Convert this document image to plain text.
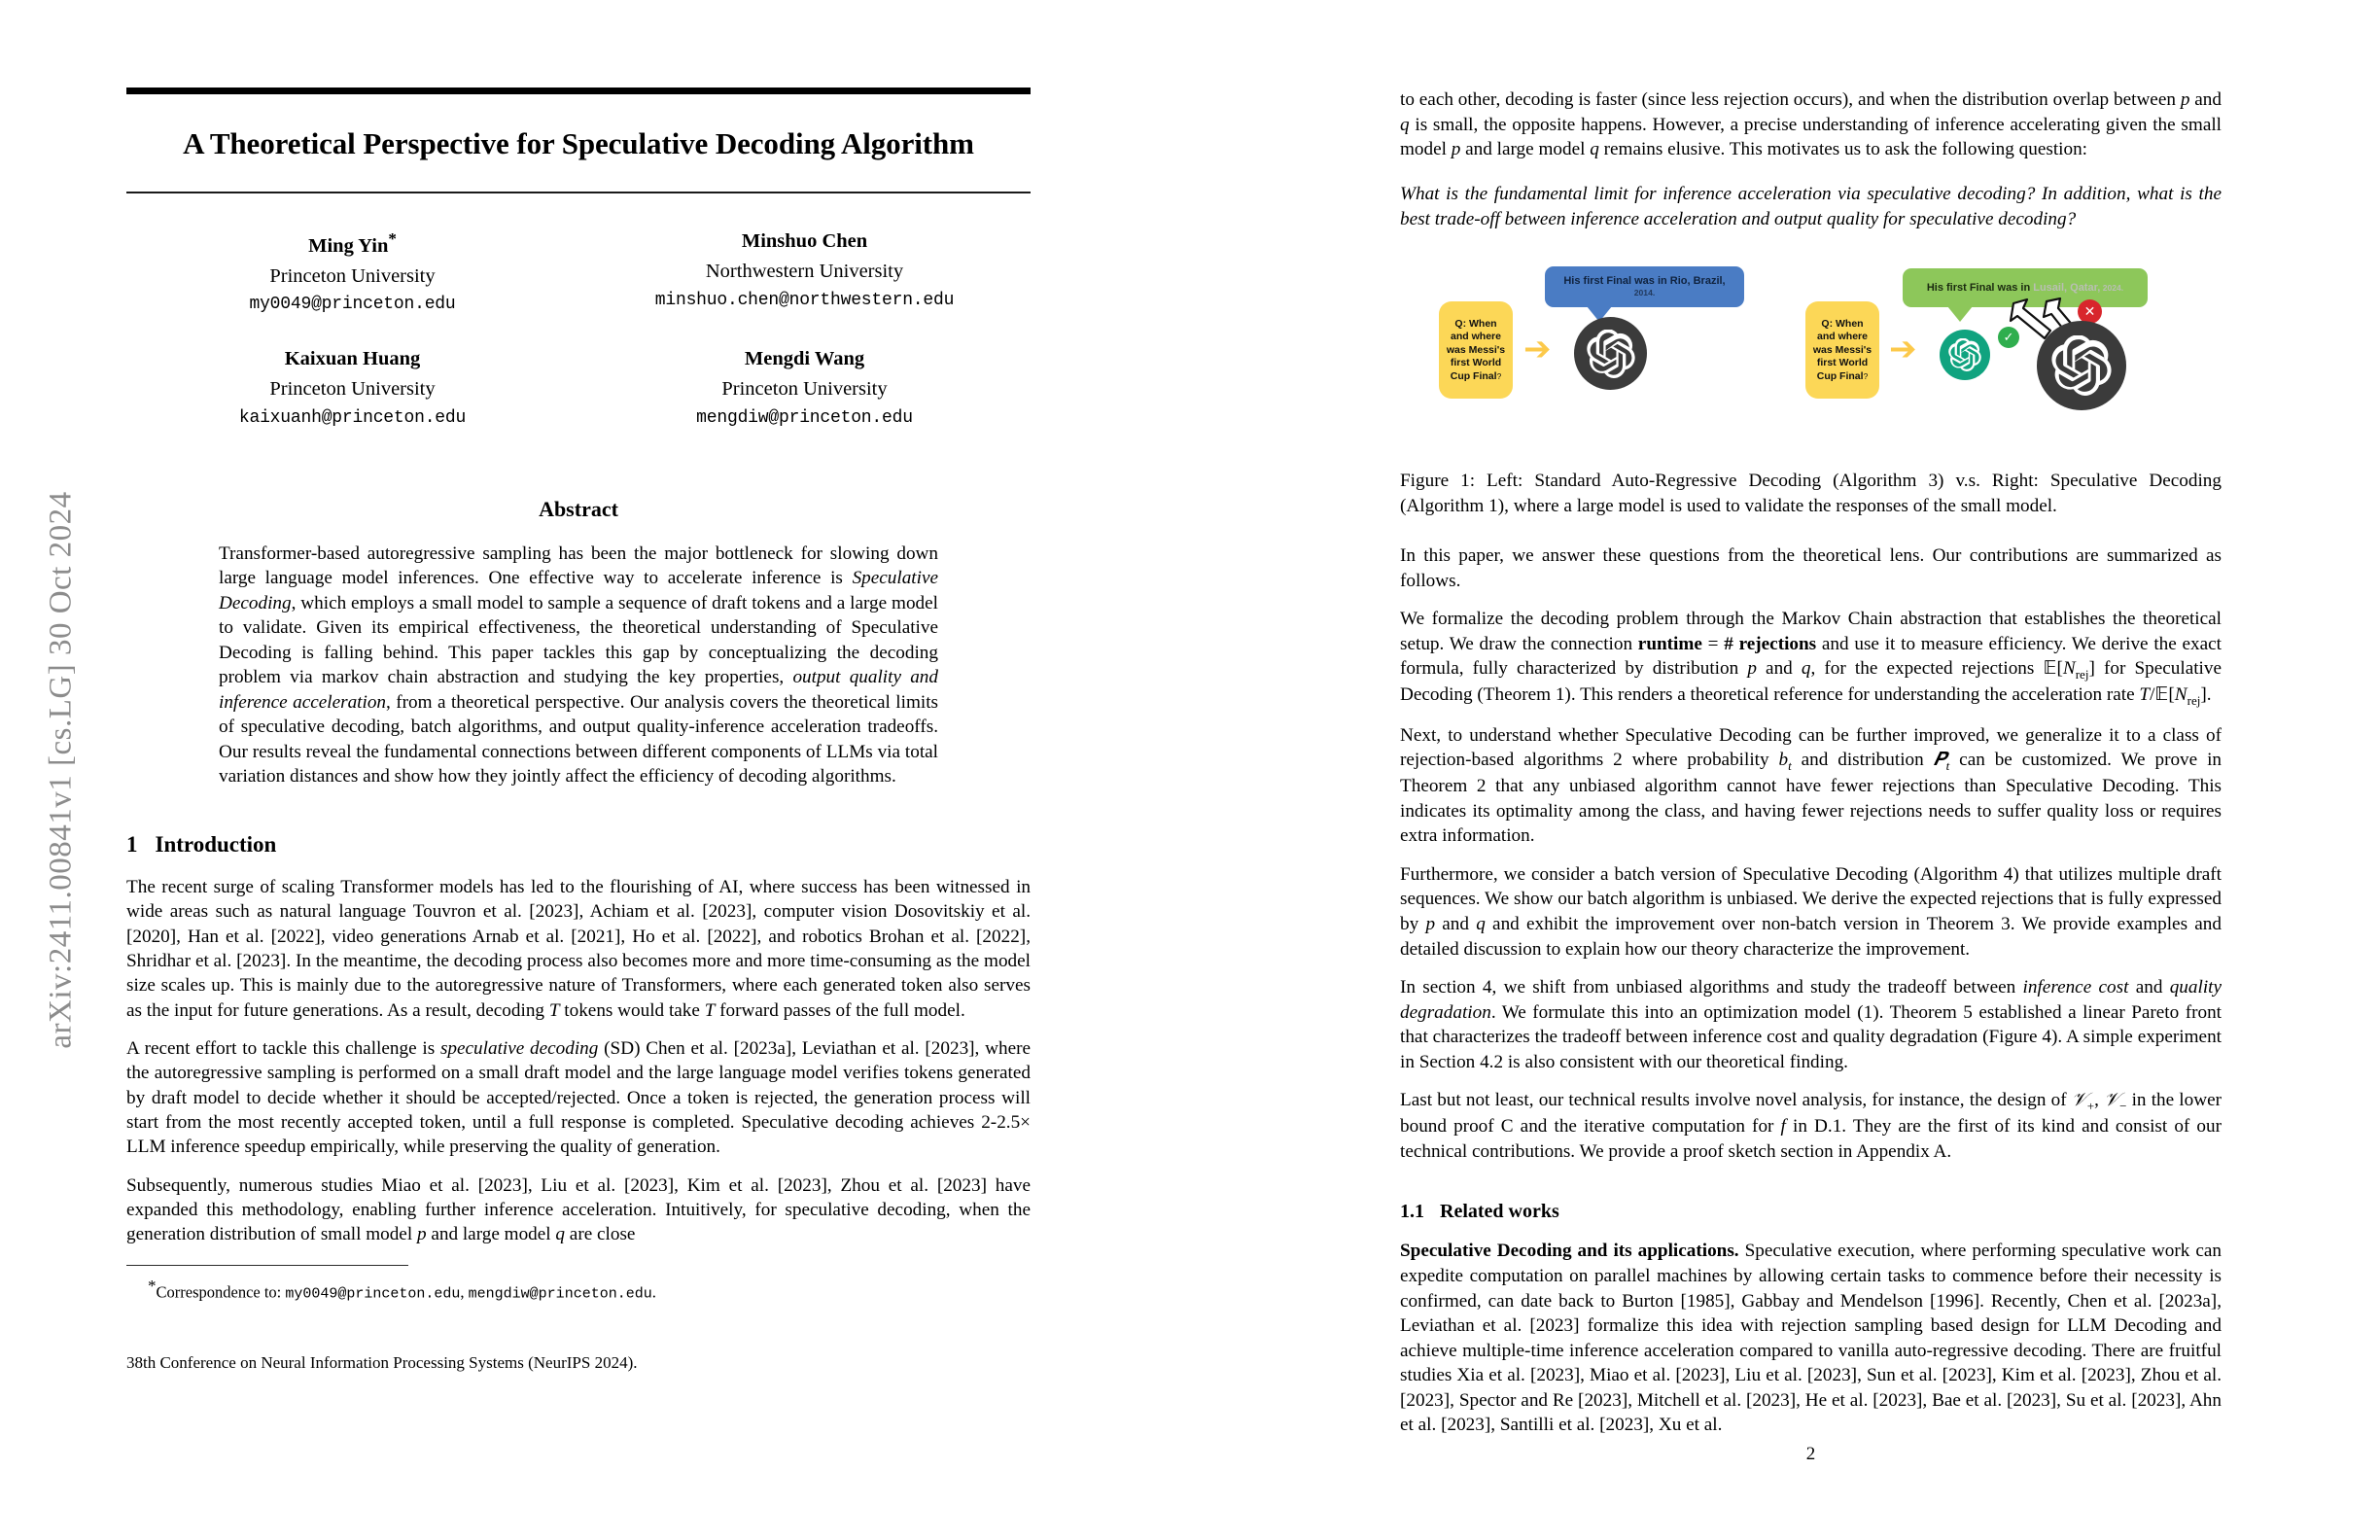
arXiv:2411.00841v1 [cs.LG] 30 Oct 2024
A Theoretical Perspective for Speculative Decoding Algorithm
Ming Yin*
Princeton University
my0049@princeton.edu
Minshuo Chen
Northwestern University
minshuo.chen@northwestern.edu
Kaixuan Huang
Princeton University
kaixuanh@princeton.edu
Mengdi Wang
Princeton University
mengdiw@princeton.edu
Abstract
Transformer-based autoregressive sampling has been the major bottleneck for slowing down large language model inferences. One effective way to accelerate inference is Speculative Decoding, which employs a small model to sample a sequence of draft tokens and a large model to validate. Given its empirical effectiveness, the theoretical understanding of Speculative Decoding is falling behind. This paper tackles this gap by conceptualizing the decoding problem via markov chain abstraction and studying the key properties, output quality and inference acceleration, from a theoretical perspective. Our analysis covers the theoretical limits of speculative decoding, batch algorithms, and output quality-inference acceleration tradeoffs. Our results reveal the fundamental connections between different components of LLMs via total variation distances and show how they jointly affect the efficiency of decoding algorithms.
1 Introduction
The recent surge of scaling Transformer models has led to the flourishing of AI, where success has been witnessed in wide areas such as natural language Touvron et al. [2023], Achiam et al. [2023], computer vision Dosovitskiy et al. [2020], Han et al. [2022], video generations Arnab et al. [2021], Ho et al. [2022], and robotics Brohan et al. [2022], Shridhar et al. [2023]. In the meantime, the decoding process also becomes more and more time-consuming as the model size scales up. This is mainly due to the autoregressive nature of Transformers, where each generated token also serves as the input for future generations. As a result, decoding T tokens would take T forward passes of the full model.
A recent effort to tackle this challenge is speculative decoding (SD) Chen et al. [2023a], Leviathan et al. [2023], where the autoregressive sampling is performed on a small draft model and the large language model verifies tokens generated by draft model to decide whether it should be accepted/rejected. Once a token is rejected, the generation process will start from the most recently accepted token, until a full response is completed. Speculative decoding achieves 2-2.5× LLM inference speedup empirically, while preserving the quality of generation.
Subsequently, numerous studies Miao et al. [2023], Liu et al. [2023], Kim et al. [2023], Zhou et al. [2023] have expanded this methodology, enabling further inference acceleration. Intuitively, for speculative decoding, when the generation distribution of small model p and large model q are close
*Correspondence to: my0049@princeton.edu, mengdiw@princeton.edu.
38th Conference on Neural Information Processing Systems (NeurIPS 2024).
to each other, decoding is faster (since less rejection occurs), and when the distribution overlap between p and q is small, the opposite happens. However, a precise understanding of inference accelerating given the small model p and large model q remains elusive. This motivates us to ask the following question:
What is the fundamental limit for inference acceleration via speculative decoding? In addition, what is the best trade-off between inference acceleration and output quality for speculative decoding?
Q: When and where was Messi's first World Cup Final?
➔
His first Final was in Rio, Brazil, 2014.
Q: When and where was Messi's first World Cup Final?
➔
His first Final was in Lusail, Qatar, 2024.
✓
✕
Figure 1: Left: Standard Auto-Regressive Decoding (Algorithm 3) v.s. Right: Speculative Decoding (Algorithm 1), where a large model is used to validate the responses of the small model.
In this paper, we answer these questions from the theoretical lens. Our contributions are summarized as follows.
We formalize the decoding problem through the Markov Chain abstraction that establishes the theoretical setup. We draw the connection runtime = # rejections and use it to measure efficiency. We derive the exact formula, fully characterized by distribution p and q, for the expected rejections $𝔼[N_{rej}]$ for Speculative Decoding (Theorem 1). This renders a theoretical reference for understanding the acceleration rate $T/𝔼[N_{rej}]$.
Next, to understand whether Speculative Decoding can be further improved, we generalize it to a class of rejection-based algorithms 2 where probability $b_t$ and distribution 𝑷$_t$ can be customized. We prove in Theorem 2 that any unbiased algorithm cannot have fewer rejections than Speculative Decoding. This indicates its optimality among the class, and having fewer rejections needs to suffer quality loss or requires extra information.
Furthermore, we consider a batch version of Speculative Decoding (Algorithm 4) that utilizes multiple draft sequences. We show our batch algorithm is unbiased. We derive the expected rejections that is fully expressed by p and q and exhibit the improvement over non-batch version in Theorem 3. We provide examples and detailed discussion to explain how our theory characterize the improvement.
In section 4, we shift from unbiased algorithms and study the tradeoff between inference cost and quality degradation. We formulate this into an optimization model (1). Theorem 5 established a linear Pareto front that characterizes the tradeoff between inference cost and quality degradation (Figure 4). A simple experiment in Section 4.2 is also consistent with our theoretical finding.
Last but not least, our technical results involve novel analysis, for instance, the design of 𝒱$_+$, 𝒱$_-$ in the lower bound proof C and the iterative computation for f in D.1. They are the first of its kind and consist of our technical contributions. We provide a proof sketch section in Appendix A.
1.1 Related works
Speculative Decoding and its applications. Speculative execution, where performing speculative work can expedite computation on parallel machines by allowing certain tasks to commence before their necessity is confirmed, can date back to Burton [1985], Gabbay and Mendelson [1996]. Recently, Chen et al. [2023a], Leviathan et al. [2023] formalize this idea with rejection sampling based design for LLM Decoding and achieve multiple-time inference acceleration compared to vanilla auto-regressive decoding. There are fruitful studies Xia et al. [2023], Miao et al. [2023], Liu et al. [2023], Sun et al. [2023], Kim et al. [2023], Zhou et al. [2023], Spector and Re [2023], Mitchell et al. [2023], He et al. [2023], Bae et al. [2023], Su et al. [2023], Ahn et al. [2023], Santilli et al. [2023], Xu et al.
2
